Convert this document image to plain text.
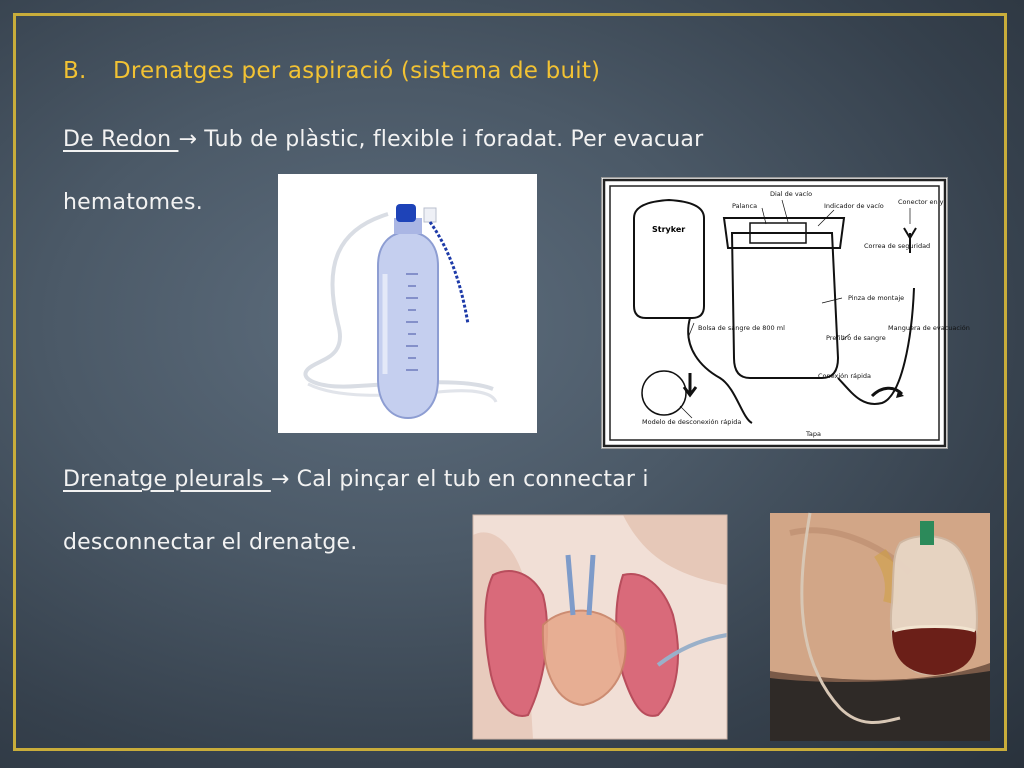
B. Drenatges per aspiració (sistema de buit)
De Redon → Tub de plàstic, flexible i foradat. Per evacuar
hematomes.
Drenatge pleurals → Cal pinçar el tub en connectar i
desconnectar el drenatge.
Stryker
Dial de vacío
Palanca	Indicador de vacío Conector en y
Correa de seguridad
Bolsa de sangre de 800 ml
Pinza de montaje
Prefiltro de sangre
Manguera de evacuación
Conexión rápida
Modelo de desconexión rápida
Tapa
